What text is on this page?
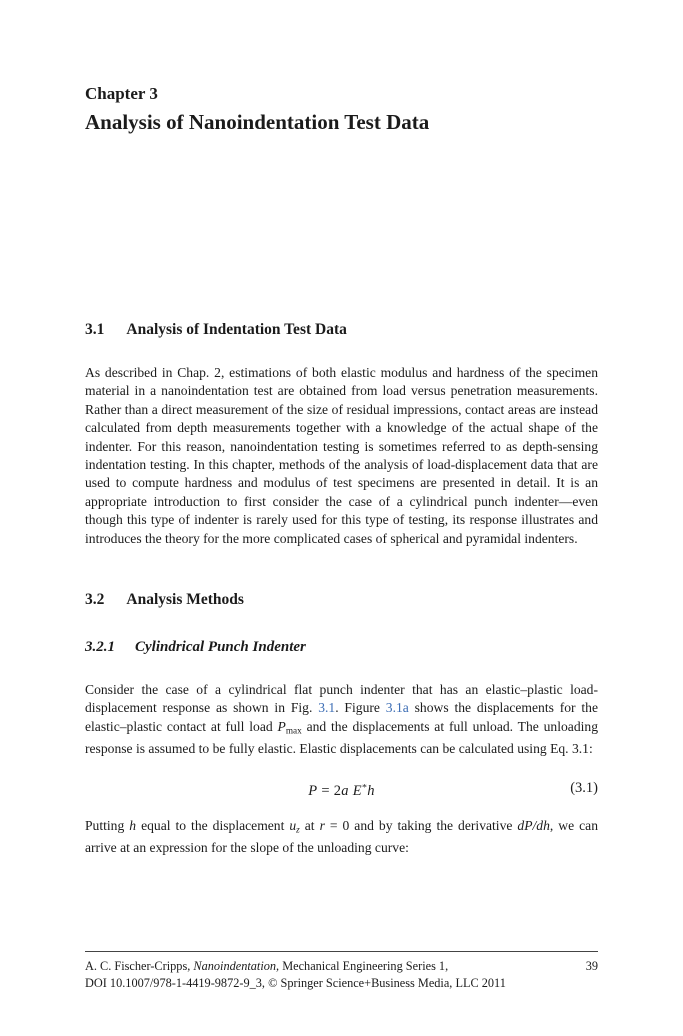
Chapter 3
Analysis of Nanoindentation Test Data
3.1 Analysis of Indentation Test Data

As described in Chap. 2, estimations of both elastic modulus and hardness of the specimen material in a nanoindentation test are obtained from load versus penetration measurements. Rather than a direct measurement of the size of residual impressions, contact areas are instead calculated from depth measurements together with a knowledge of the actual shape of the indenter. For this reason, nanoindentation testing is sometimes referred to as depth-sensing indentation testing. In this chapter, methods of the analysis of load-displacement data that are used to compute hardness and modulus of test specimens are presented in detail. It is an appropriate introduction to first consider the case of a cylindrical punch indenter—even though this type of indenter is rarely used for this type of testing, its response illustrates and introduces the theory for the more complicated cases of spherical and pyramidal indenters.

3.2 Analysis Methods
3.2.1 Cylindrical Punch Indenter

Consider the case of a cylindrical flat punch indenter that has an elastic–plastic load-displacement response as shown in Fig. 3.1. Figure 3.1a shows the displacements for the elastic–plastic contact at full load $P_{max}$ and the displacements at full unload. The unloading response is assumed to be fully elastic. Elastic displacements can be calculated using Eq. 3.1:

P = 2a E*h	(3.1)

Putting h equal to the displacement $u_z$ at r = 0 and by taking the derivative dP/dh, we can arrive at an expression for the slope of the unloading curve:

A. C. Fischer-Cripps, Nanoindentation, Mechanical Engineering Series 1,	39
DOI 10.1007/978-1-4419-9872-9_3, © Springer Science+Business Media, LLC 2011
